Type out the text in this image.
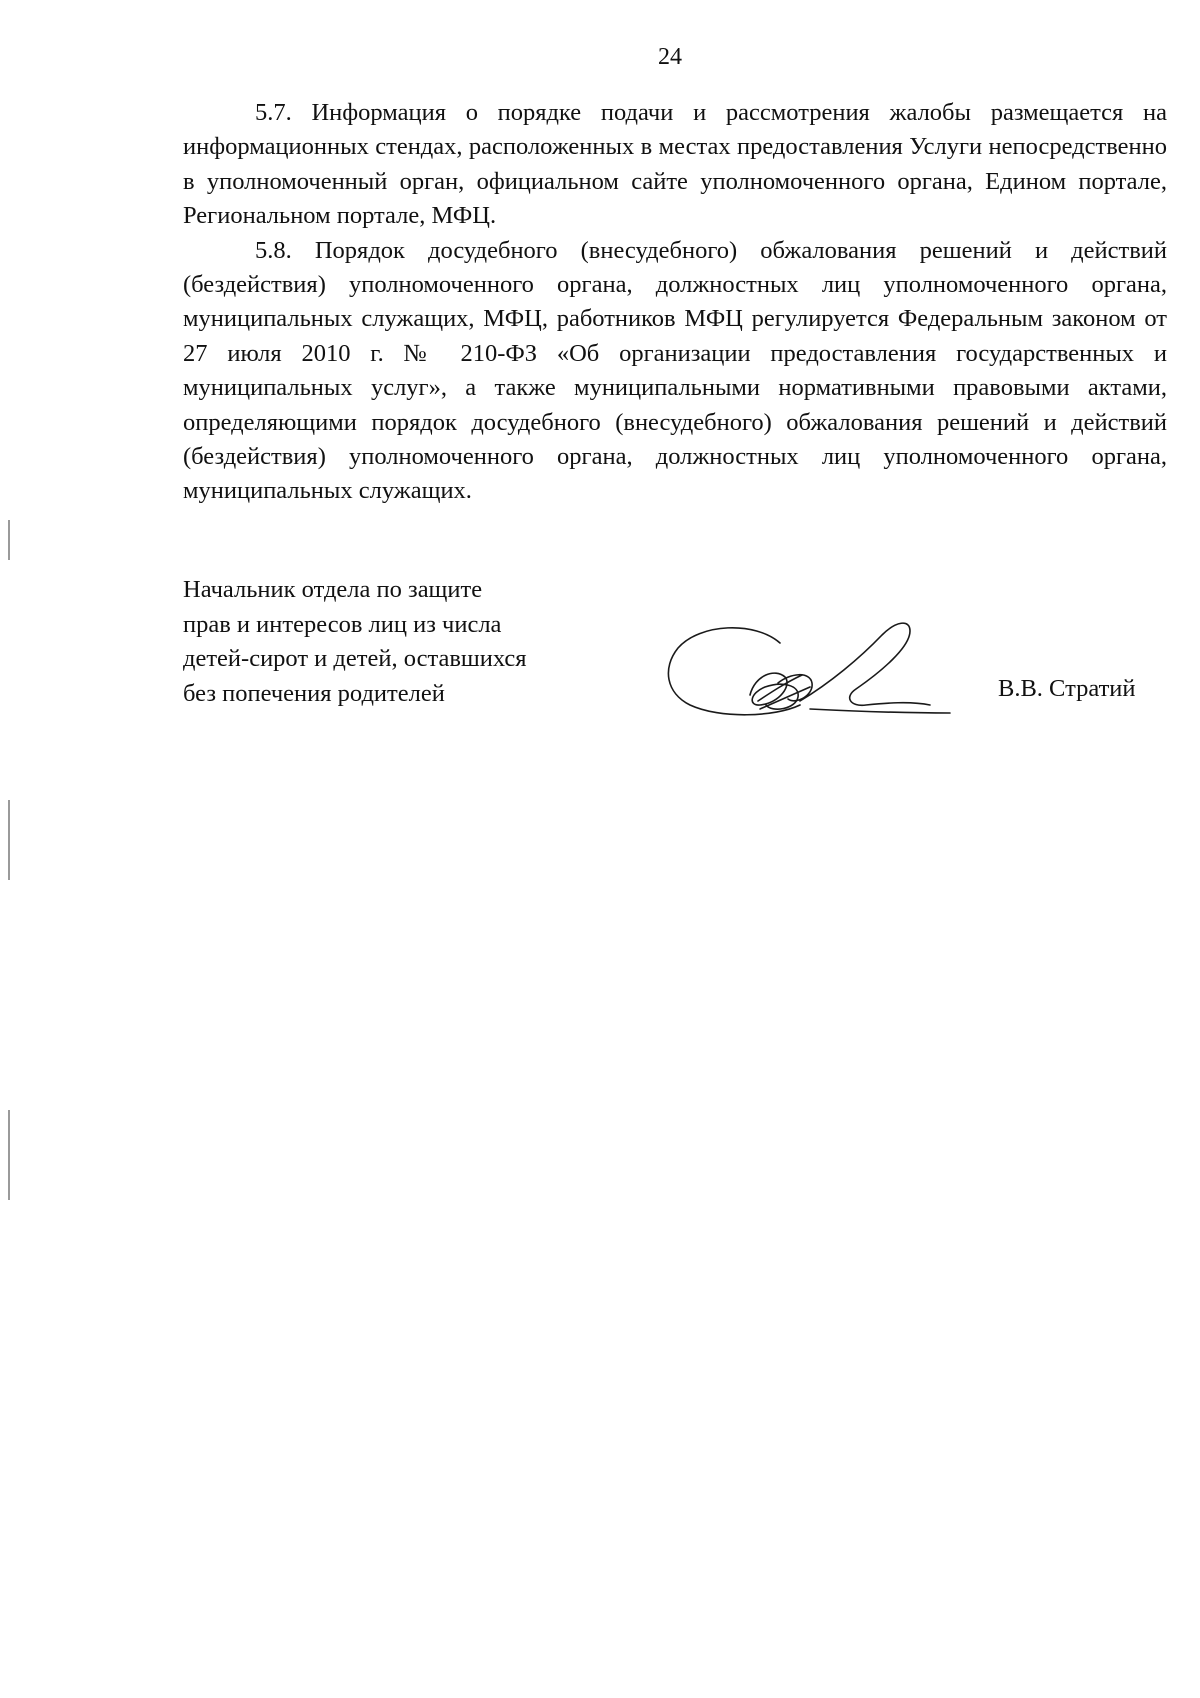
24

5.7. Информация о порядке подачи и рассмотрения жалобы размещается на информационных стендах, расположенных в местах предоставления Услуги непосредственно в уполномоченный орган, официальном сайте уполномоченного органа, Едином портале, Региональном портале, МФЦ.

5.8. Порядок досудебного (внесудебного) обжалования решений и действий (бездействия) уполномоченного органа, должностных лиц уполномоченного органа, муниципальных служащих, МФЦ, работников МФЦ регулируется Федеральным законом от 27 июля 2010 г. № 210-ФЗ «Об организации предоставления государственных и муниципальных услуг», а также муниципальными нормативными правовыми актами, определяющими порядок досудебного (внесудебного) обжалования решений и действий (бездействия) уполномоченного органа, должностных лиц уполномоченного органа, муниципальных служащих.

Начальник отдела по защите
прав и интересов лиц из числа
детей-сирот и детей, оставшихся
без попечения родителей	В.В. Стратий
